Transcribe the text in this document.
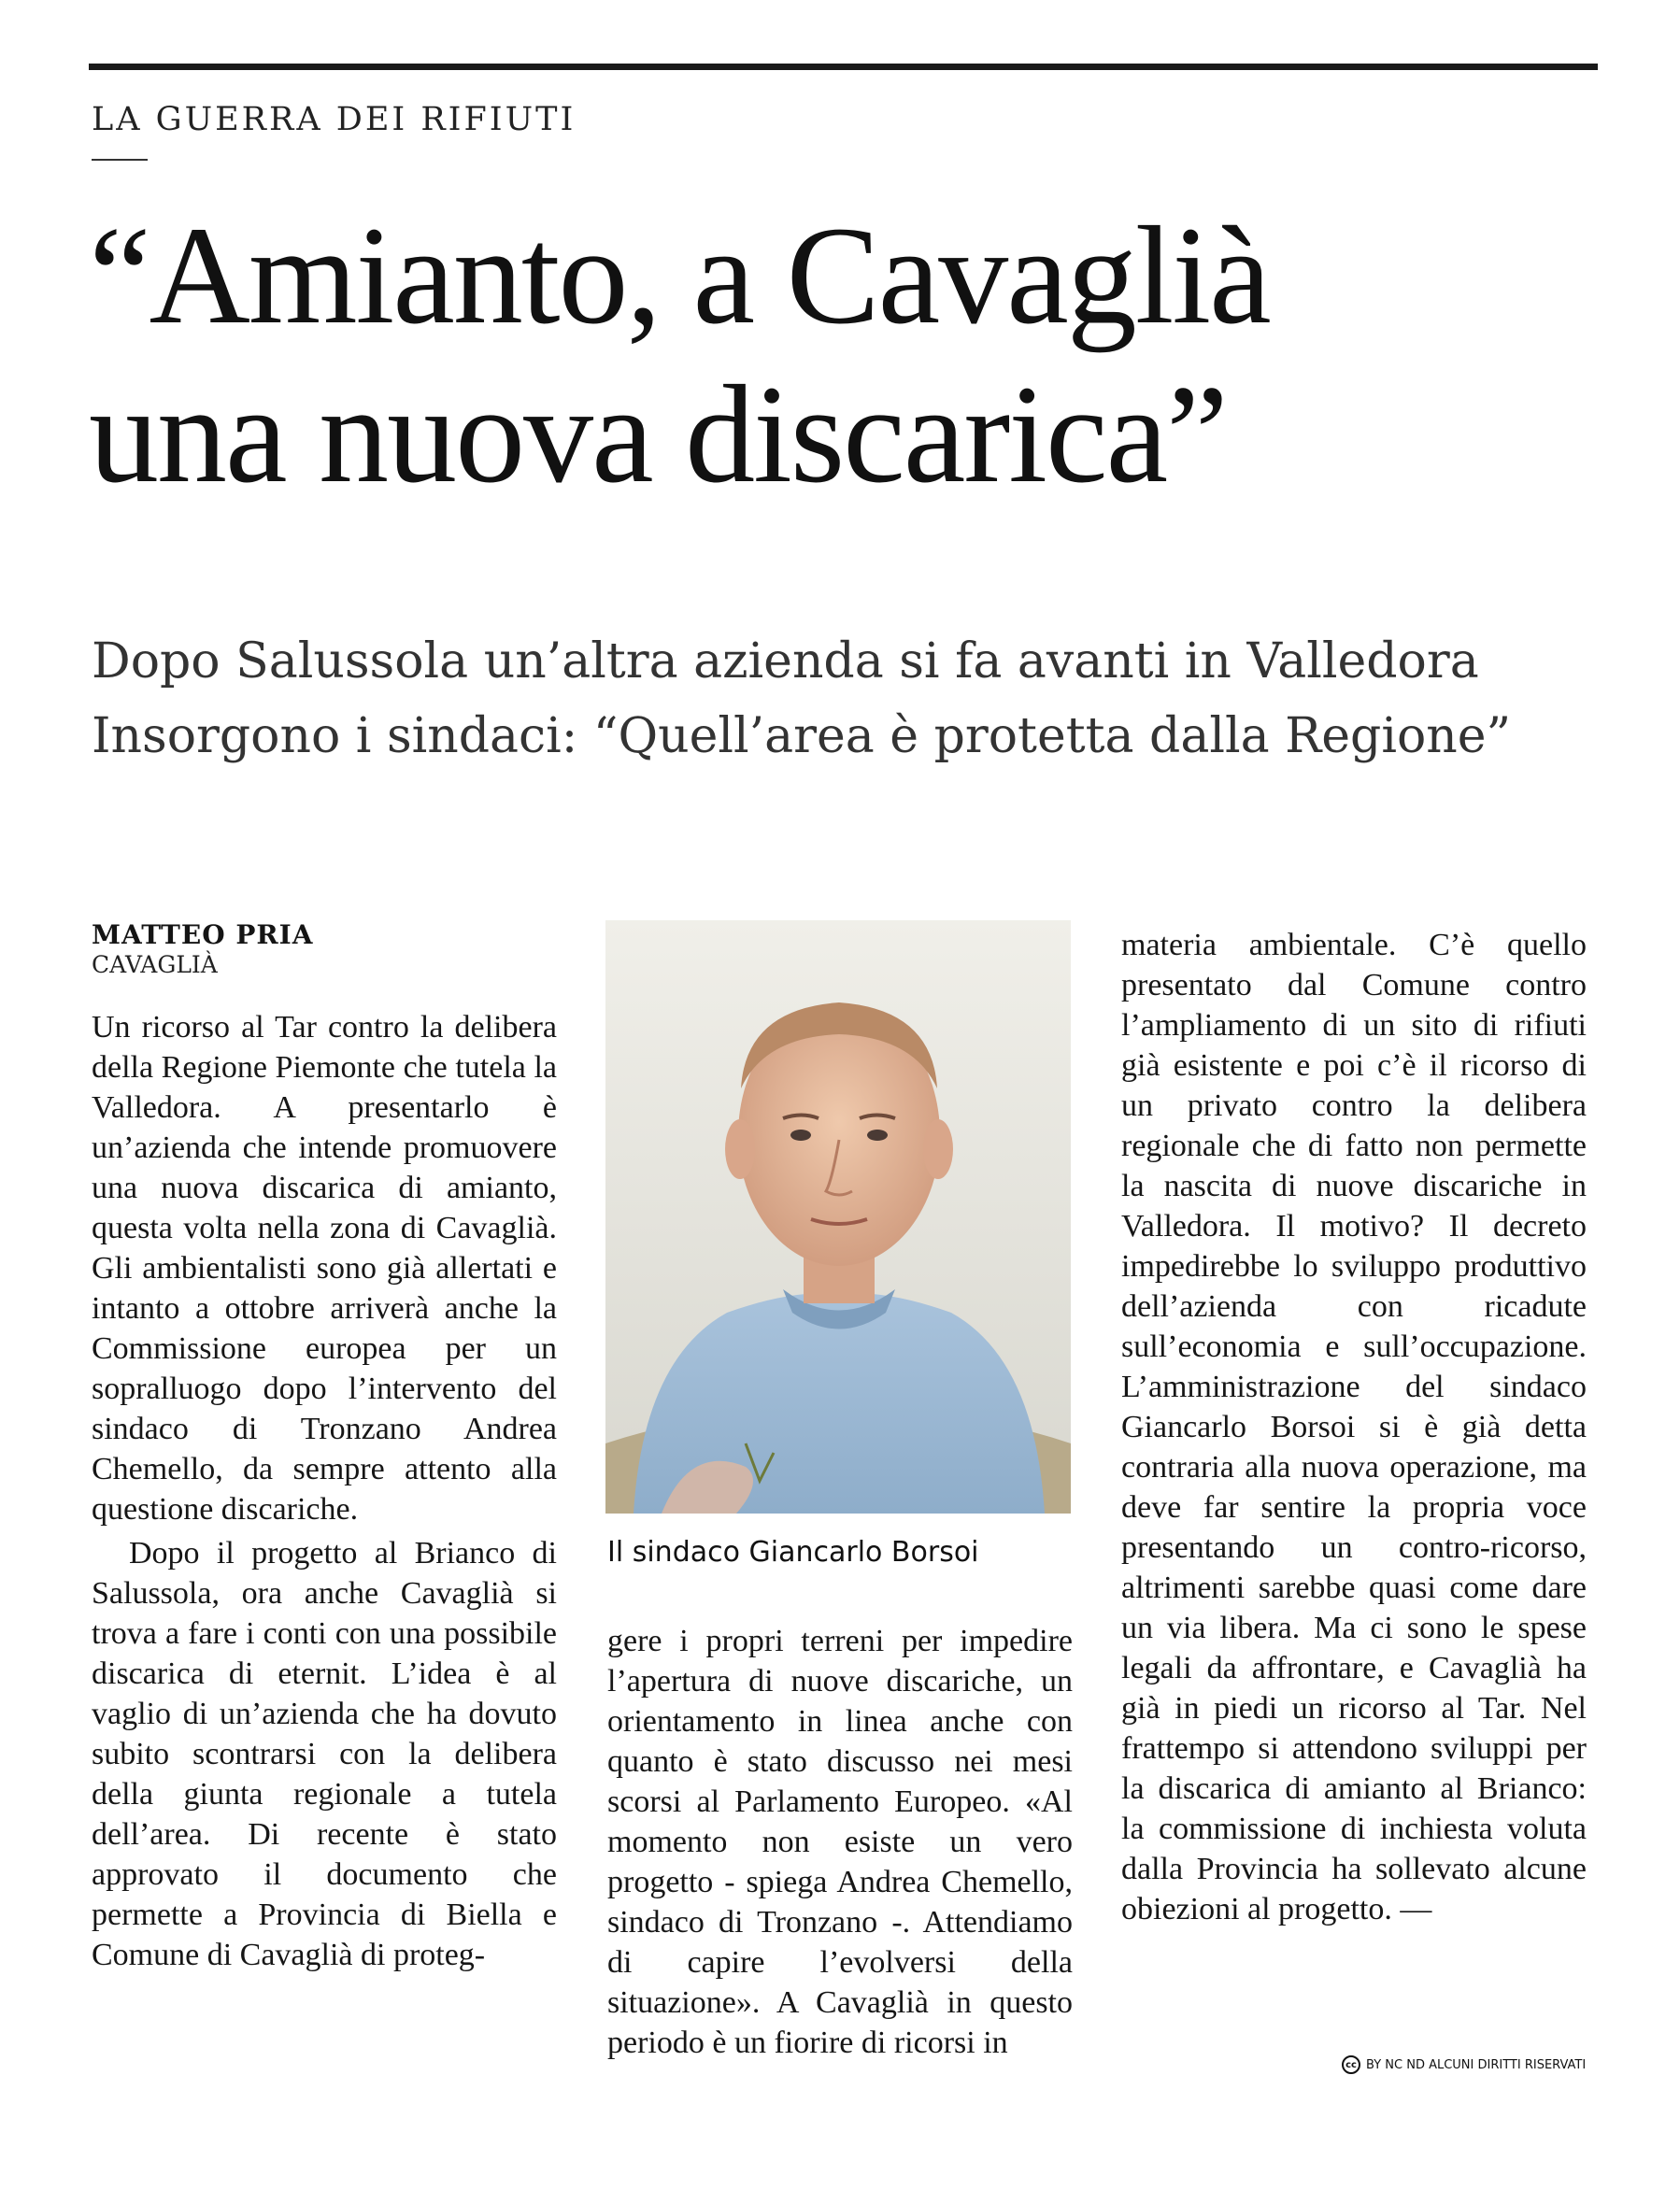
LA GUERRA DEI RIFIUTI
“Amianto, a Cavaglià
una nuova discarica”
Dopo Salussola un’altra azienda si fa avanti in Valledora
Insorgono i sindaci: “Quell’area è protetta dalla Regione”
MATTEO PRIA
CAVAGLIÀ

Un ricorso al Tar contro la delibera della Regione Piemonte che tutela la Valledora. A presentarlo è un’azienda che intende promuovere una nuova discarica di amianto, questa volta nella zona di Cavaglià. Gli ambientalisti sono già allertati e intanto a ottobre arriverà anche la Commissione europea per un sopralluogo dopo l’intervento del sindaco di Tronzano Andrea Chemello, da sempre attento alla questione discariche.

Dopo il progetto al Brianco di Salussola, ora anche Cavaglià si trova a fare i conti con una possibile discarica di eternit. L’idea è al vaglio di un’azienda che ha dovuto subito scontrarsi con la delibera della giunta regionale a tutela dell’area. Di recente è stato approvato il documento che permette a Provincia di Biella e Comune di Cavaglià di proteg-

Il sindaco Giancarlo Borsoi

gere i propri terreni per impedire l’apertura di nuove discariche, un orientamento in linea anche con quanto è stato discusso nei mesi scorsi al Parlamento Europeo. «Al momento non esiste un vero progetto - spiega Andrea Chemello, sindaco di Tronzano -. Attendiamo di capire l’evolversi della situazione». A Cavaglià in questo periodo è un fiorire di ricorsi in

materia ambientale. C’è quello presentato dal Comune contro l’ampliamento di un sito di rifiuti già esistente e poi c’è il ricorso di un privato contro la delibera regionale che di fatto non permette la nascita di nuove discariche in Valledora. Il motivo? Il decreto impedirebbe lo sviluppo produttivo dell’azienda con ricadute sull’economia e sull’occupazione. L’amministrazione del sindaco Giancarlo Borsoi si è già detta contraria alla nuova operazione, ma deve far sentire la propria voce presentando un contro-ricorso, altrimenti sarebbe quasi come dare un via libera. Ma ci sono le spese legali da affrontare, e Cavaglià ha già in piedi un ricorso al Tar. Nel frattempo si attendono sviluppi per la discarica di amianto al Brianco: la commissione di inchiesta voluta dalla Provincia ha sollevato alcune obiezioni al progetto. —

cc BY NC ND ALCUNI DIRITTI RISERVATI
